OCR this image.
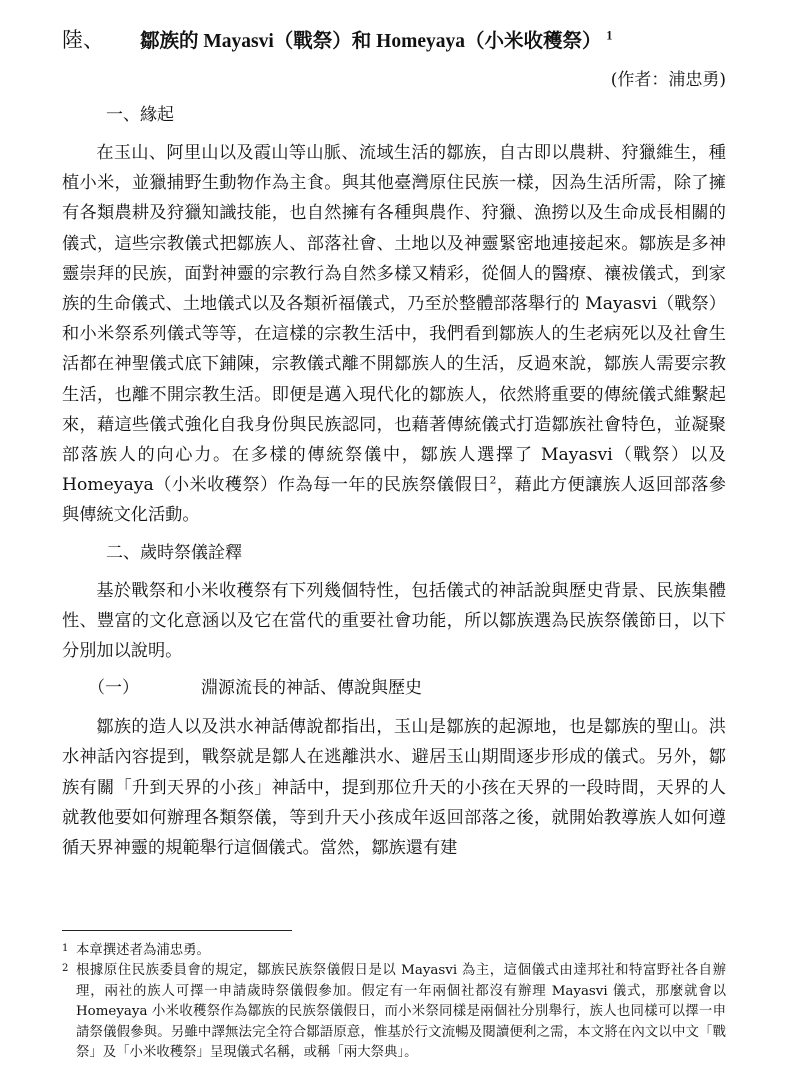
陸、	鄒族的 Mayasvi（戰祭）和 Homeyaya（小米收穫祭） $^1$
(作者：浦忠勇)
一、緣起

在玉山、阿里山以及霞山等山脈、流域生活的鄒族，自古即以農耕、狩獵維生，種植小米，並獵捕野生動物作為主食。與其他臺灣原住民族一樣，因為生活所需，除了擁有各類農耕及狩獵知識技能，也自然擁有各種與農作、狩獵、漁撈以及生命成長相關的儀式，這些宗教儀式把鄒族人、部落社會、土地以及神靈緊密地連接起來。鄒族是多神靈崇拜的民族，面對神靈的宗教行為自然多樣又精彩，從個人的醫療、禳祓儀式，到家族的生命儀式、土地儀式以及各類祈福儀式，乃至於整體部落舉行的 Mayasvi（戰祭）和小米祭系列儀式等等，在這樣的宗教生活中，我們看到鄒族人的生老病死以及社會生活都在神聖儀式底下鋪陳，宗教儀式離不開鄒族人的生活，反過來說，鄒族人需要宗教生活，也離不開宗教生活。即便是邁入現代化的鄒族人，依然將重要的傳統儀式維繫起來，藉這些儀式強化自我身份與民族認同，也藉著傳統儀式打造鄒族社會特色，並凝聚部落族人的向心力。在多樣的傳統祭儀中，鄒族人選擇了 Mayasvi（戰祭）以及 Homeyaya（小米收穫祭）作為每一年的民族祭儀假日$^2$，藉此方便讓族人返回部落參與傳統文化活動。

二、歲時祭儀詮釋

基於戰祭和小米收穫祭有下列幾個特性，包括儀式的神話說與歷史背景、民族集體性、豐富的文化意涵以及它在當代的重要社會功能，所以鄒族選為民族祭儀節日，以下分別加以說明。

（一）	淵源流長的神話、傳說與歷史

鄒族的造人以及洪水神話傳說都指出，玉山是鄒族的起源地，也是鄒族的聖山。洪水神話內容提到，戰祭就是鄒人在逃離洪水、避居玉山期間逐步形成的儀式。另外，鄒族有關「升到天界的小孩」神話中，提到那位升天的小孩在天界的一段時間，天界的人就教他要如何辦理各類祭儀，等到升天小孩成年返回部落之後，就開始教導族人如何遵循天界神靈的規範舉行這個儀式。當然，鄒族還有建

1 本章撰述者為浦忠勇。
2 根據原住民族委員會的規定，鄒族民族祭儀假日是以 Mayasvi 為主，這個儀式由達邦社和特富野社各自辦理，兩社的族人可擇一申請歲時祭儀假參加。假定有一年兩個社都沒有辦理 Mayasvi 儀式，那麼就會以 Homeyaya 小米收穫祭作為鄒族的民族祭儀假日，而小米祭同樣是兩個社分別舉行，族人也同樣可以擇一申請祭儀假參與。另雖中譯無法完全符合鄒語原意，惟基於行文流暢及閱讀便利之需，本文將在內文以中文「戰祭」及「小米收穫祭」呈現儀式名稱，或稱「兩大祭典」。
